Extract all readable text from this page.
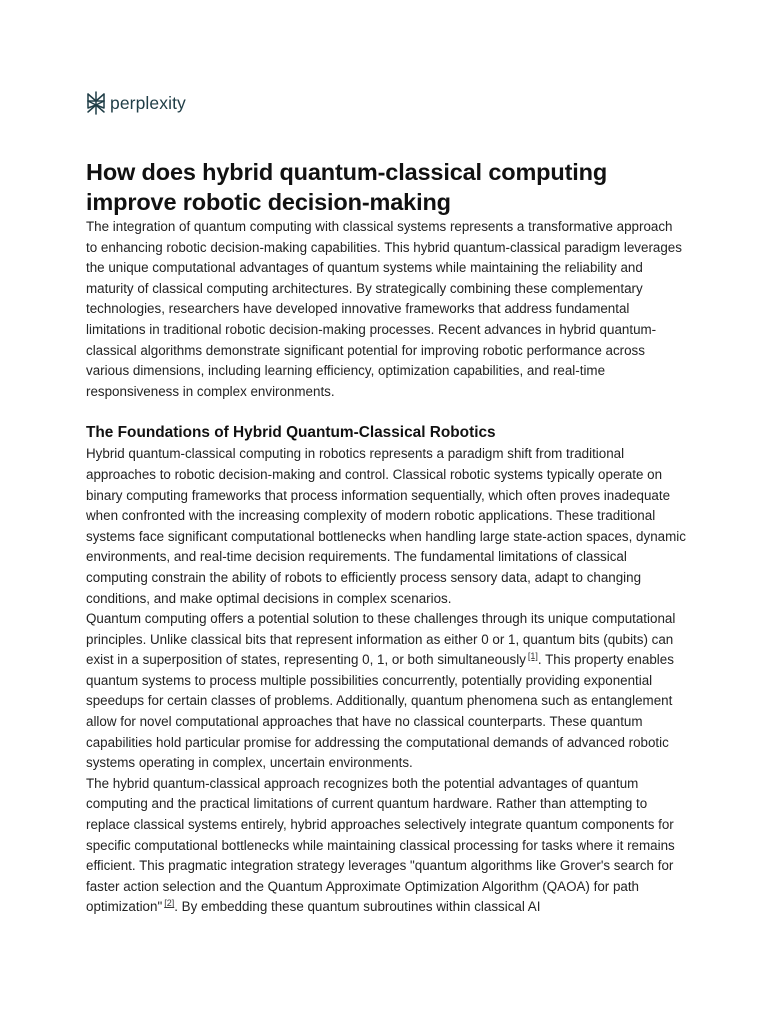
perplexity
How does hybrid quantum-classical computing improve robotic decision-making

The integration of quantum computing with classical systems represents a transformative approach to enhancing robotic decision-making capabilities. This hybrid quantum-classical paradigm leverages the unique computational advantages of quantum systems while maintaining the reliability and maturity of classical computing architectures. By strategically combining these complementary technologies, researchers have developed innovative frameworks that address fundamental limitations in traditional robotic decision-making processes. Recent advances in hybrid quantum-classical algorithms demonstrate significant potential for improving robotic performance across various dimensions, including learning efficiency, optimization capabilities, and real-time responsiveness in complex environments.

The Foundations of Hybrid Quantum-Classical Robotics

Hybrid quantum-classical computing in robotics represents a paradigm shift from traditional approaches to robotic decision-making and control. Classical robotic systems typically operate on binary computing frameworks that process information sequentially, which often proves inadequate when confronted with the increasing complexity of modern robotic applications. These traditional systems face significant computational bottlenecks when handling large state-action spaces, dynamic environments, and real-time decision requirements. The fundamental limitations of classical computing constrain the ability of robots to efficiently process sensory data, adapt to changing conditions, and make optimal decisions in complex scenarios.

Quantum computing offers a potential solution to these challenges through its unique computational principles. Unlike classical bits that represent information as either 0 or 1, quantum bits (qubits) can exist in a superposition of states, representing 0, 1, or both simultaneously [1]. This property enables quantum systems to process multiple possibilities concurrently, potentially providing exponential speedups for certain classes of problems. Additionally, quantum phenomena such as entanglement allow for novel computational approaches that have no classical counterparts. These quantum capabilities hold particular promise for addressing the computational demands of advanced robotic systems operating in complex, uncertain environments.

The hybrid quantum-classical approach recognizes both the potential advantages of quantum computing and the practical limitations of current quantum hardware. Rather than attempting to replace classical systems entirely, hybrid approaches selectively integrate quantum components for specific computational bottlenecks while maintaining classical processing for tasks where it remains efficient. This pragmatic integration strategy leverages "quantum algorithms like Grover's search for faster action selection and the Quantum Approximate Optimization Algorithm (QAOA) for path optimization" [2]. By embedding these quantum subroutines within classical AI
